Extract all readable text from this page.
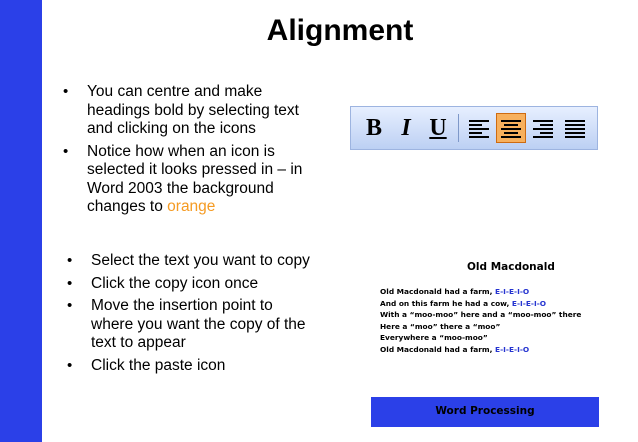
Alignment
• You can centre and make headings bold by selecting text and clicking on the icons
• Notice how when an icon is selected it looks pressed in – in Word 2003 the background changes to orange
B I U
• Select the text you want to copy
• Click the copy icon once
• Move the insertion point to where you want the copy of the text to appear
• Click the paste icon
Old Macdonald
Old Macdonald had a farm, E-I-E-I-O
And on this farm he had a cow, E-I-E-I-O
With a “moo-moo” here and a “moo-moo” there
Here a “moo” there a “moo”
Everywhere a “moo-moo”
Old Macdonald had a farm, E-I-E-I-O
Word Processing
